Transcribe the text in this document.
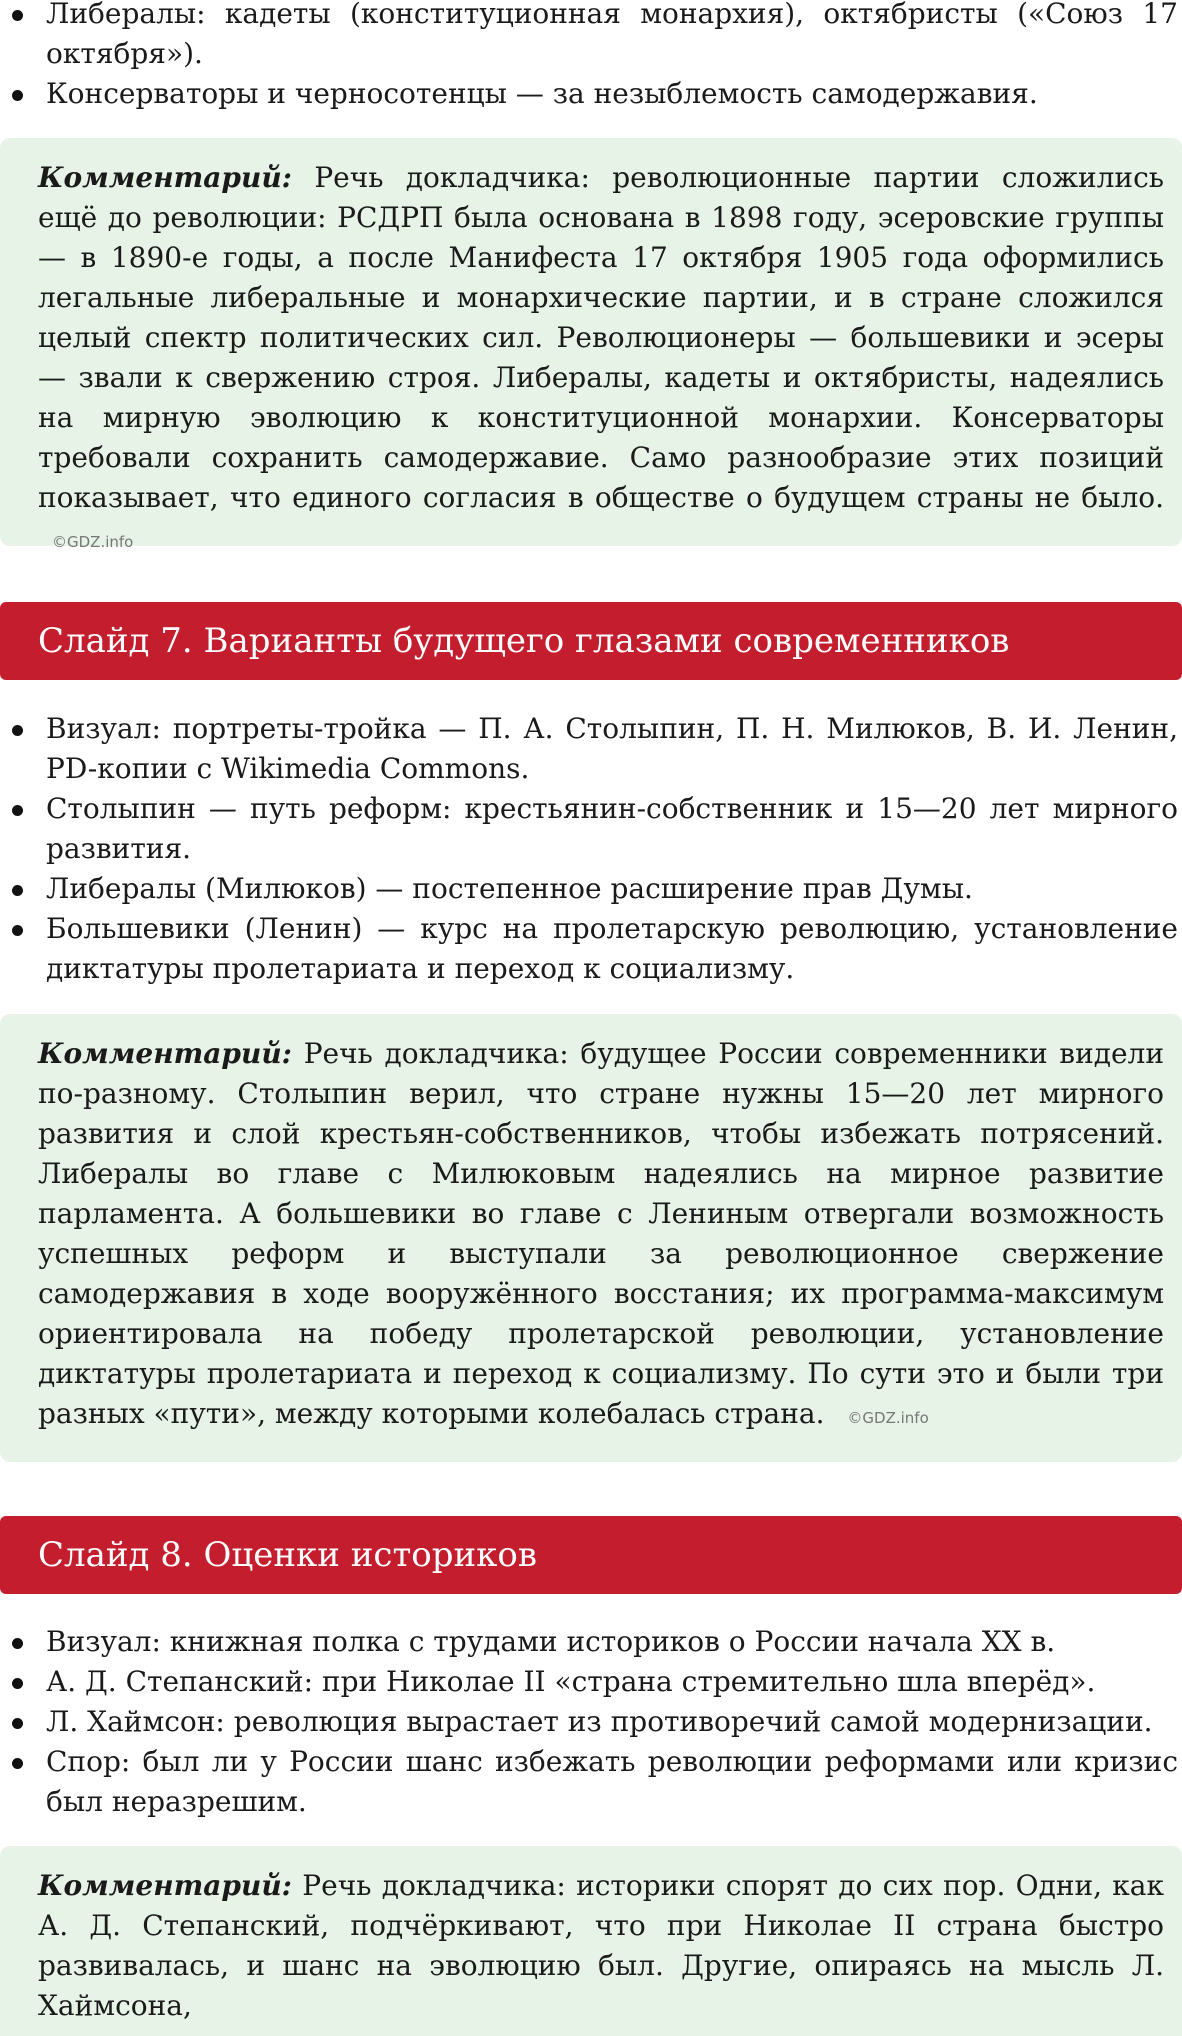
Либералы: кадеты (конституционная монархия), октябристы («Союз 17 октября»).
Консерваторы и черносотенцы — за незыблемость самодержавия.
Комментарий: Речь докладчика: революционные партии сложились ещё до революции: РСДРП была основана в 1898 году, эсеровские группы — в 1890-е годы, а после Манифеста 17 октября 1905 года оформились легальные либеральные и монархические партии, и в стране сложился целый спектр политических сил. Революционеры — большевики и эсеры — звали к свержению строя. Либералы, кадеты и октябристы, надеялись на мирную эволюцию к конституционной монархии. Консерваторы требовали сохранить самодержавие. Само разнообразие этих позиций показывает, что единого согласия в обществе о будущем страны не было. ©GDZ.info
Слайд 7. Варианты будущего глазами современников
Визуал: портреты-тройка — П. А. Столыпин, П. Н. Милюков, В. И. Ленин, PD-копии с Wikimedia Commons.
Столыпин — путь реформ: крестьянин-собственник и 15—20 лет мирного развития.
Либералы (Милюков) — постепенное расширение прав Думы.
Большевики (Ленин) — курс на пролетарскую революцию, установление диктатуры пролетариата и переход к социализму.
Комментарий: Речь докладчика: будущее России современники видели по-разному. Столыпин верил, что стране нужны 15—20 лет мирного развития и слой крестьян-собственников, чтобы избежать потрясений. Либералы во главе с Милюковым надеялись на мирное развитие парламента. А большевики во главе с Лениным отвергали возможность успешных реформ и выступали за революционное свержение самодержавия в ходе вооружённого восстания; их программа-максимум ориентировала на победу пролетарской революции, установление диктатуры пролетариата и переход к социализму. По сути это и были три разных «пути», между которыми колебалась страна. ©GDZ.info
Слайд 8. Оценки историков
Визуал: книжная полка с трудами историков о России начала XX в.
А. Д. Степанский: при Николае II «страна стремительно шла вперёд».
Л. Хаймсон: революция вырастает из противоречий самой модернизации.
Спор: был ли у России шанс избежать революции реформами или кризис был неразрешим.
Комментарий: Речь докладчика: историки спорят до сих пор. Одни, как А. Д. Степанский, подчёркивают, что при Николае II страна быстро развивалась, и шанс на эволюцию был. Другие, опираясь на мысль Л. Хаймсона,
